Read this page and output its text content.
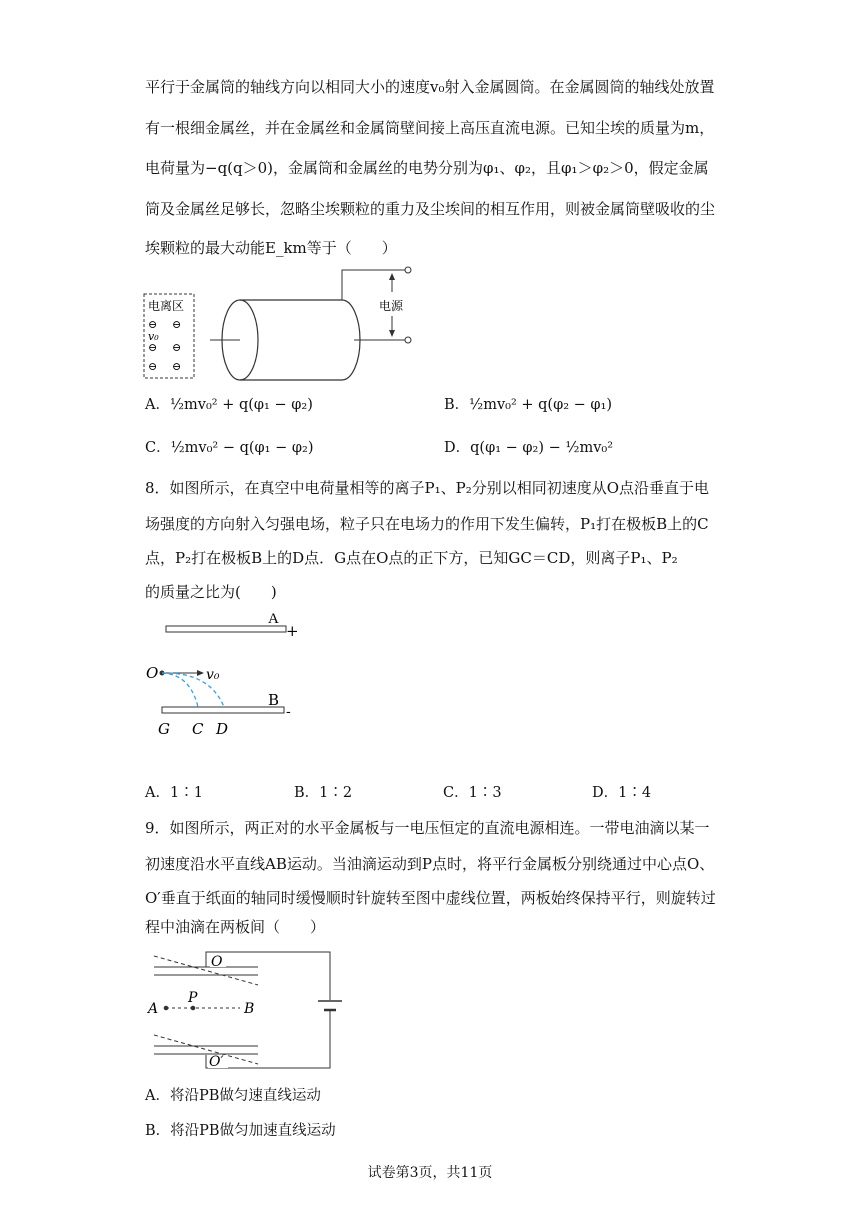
平行于金属筒的轴线方向以相同大小的速度v₀射入金属圆筒。在金属圆筒的轴线处放置
有一根细金属丝，并在金属丝和金属筒壁间接上高压直流电源。已知尘埃的质量为m，
电荷量为−q(q＞0)，金属筒和金属丝的电势分别为φ₁、φ₂，且φ₁＞φ₂＞0，假定金属
筒及金属丝足够长，忽略尘埃颗粒的重力及尘埃间的相互作用，则被金属筒壁吸收的尘
埃颗粒的最大动能E_km等于（　　）
电离区
⊖ ⊖
v₀
⊖ ⊖
⊖ ⊖
电源
A．½mv₀² + q(φ₁ − φ₂)	B．½mv₀² + q(φ₂ − φ₁)
C．½mv₀² − q(φ₁ − φ₂)	D．q(φ₁ − φ₂) − ½mv₀²
8．如图所示，在真空中电荷量相等的离子P₁、P₂分别以相同初速度从O点沿垂直于电
场强度的方向射入匀强电场，粒子只在电场力的作用下发生偏转，P₁打在极板B上的C
点，P₂打在极板B上的D点．G点在O点的正下方，已知GC＝CD，则离子P₁、P₂
的质量之比为(　　)
A
+
O	v₀
B
-
G C D
A．1∶1	B．1∶2	C．1∶3	D．1∶4
9．如图所示，两正对的水平金属板与一电压恒定的直流电源相连。一带电油滴以某一
初速度沿水平直线AB运动。当油滴运动到P点时，将平行金属板分别绕通过中心点O、
O′垂直于纸面的轴同时缓慢顺时针旋转至图中虚线位置，两板始终保持平行，则旋转过
程中油滴在两板间（　　）
O
A
P
B
O′
A．将沿PB做匀速直线运动
B．将沿PB做匀加速直线运动
试卷第3页，共11页
